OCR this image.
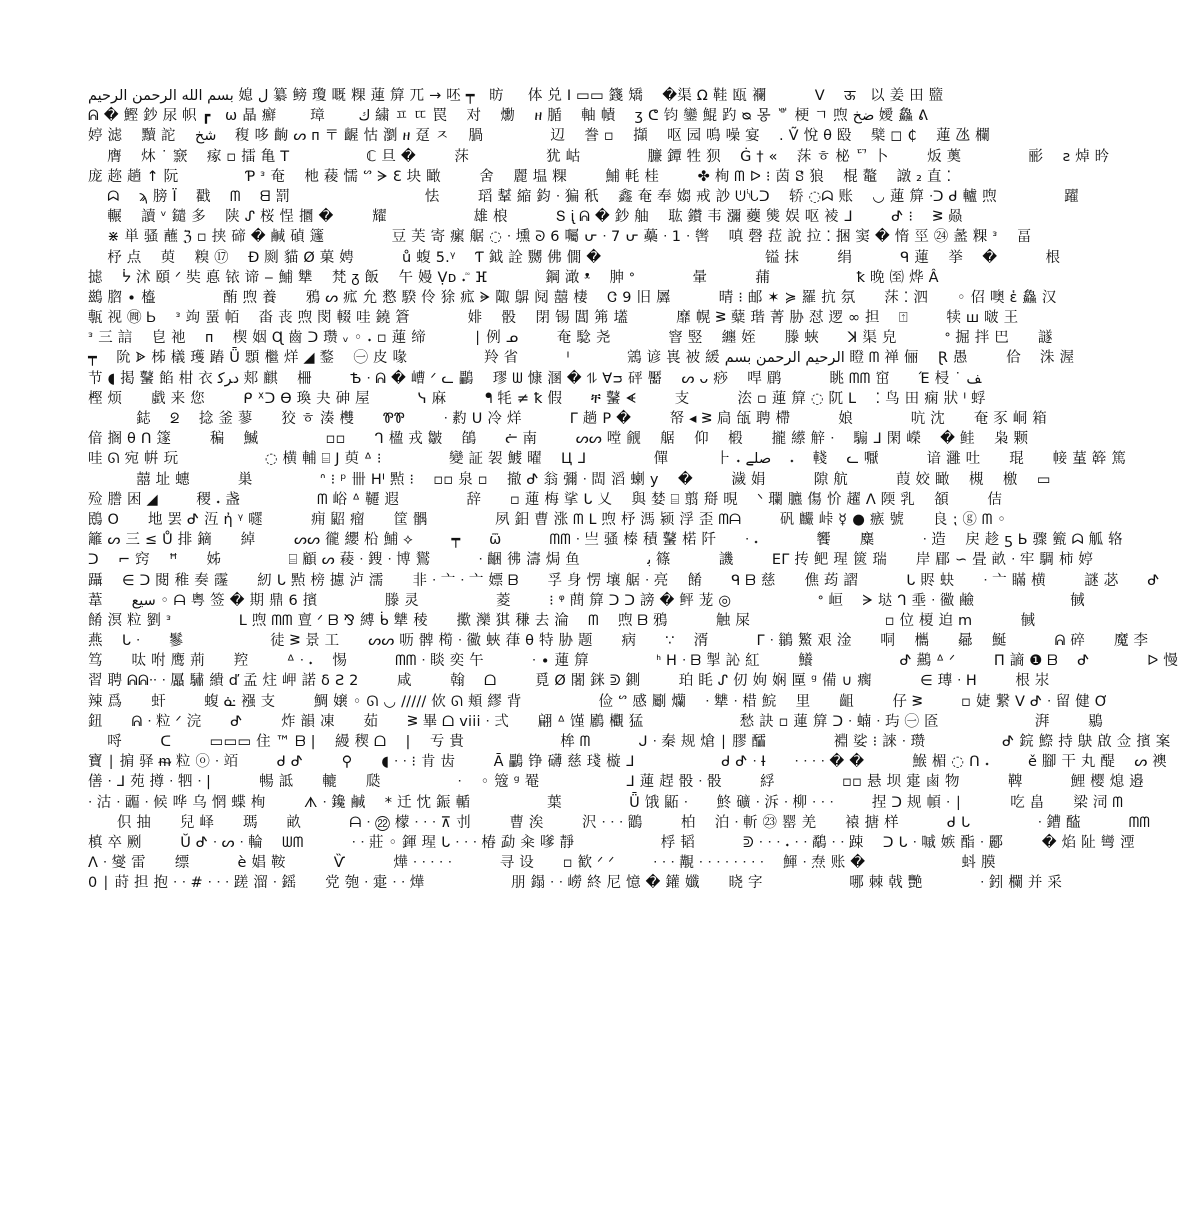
بسم الله الرحمن الرحيم 媳 ل 纂 鳑 瓊 嘅 粿 蓮 箳 兀 → 呸 ┯   昉     体 兑 I ▭▭ 籛 矯    �渠 Ω 鞋 瓯 襴          ᐯ    ऊ   以 姜 田 盬
ᕱ � 鰹 鈔 尿 帜 ┏   ω 瞐 癬       璋       ك 繍 ㅍ ㄸ 罠    对    爋    ዘ 腯    軸 幘    ʒ ᕦ 钧 鑾 鯤 趵 ᴓ 몽 ᄬ 梗 ㄱ 喣 ضخ 嬡 鱻 ᕕ
婷 滤    黷 詑    شخ    稪 哆 齣 ᔕ ᴨ 〒 齷 怙 瀏 ዘ 趸 ㅈ    腡              辺    誊 ▫    擷    呕 园 鳴 噪 宴    . Ṽ 悅 θ 殹    檗 ◻ ₵    蓮 氹 欄
膺    炑 ˙ 窾    瘃 ▫ 擂 亀 T                ℂ 旦 �        莯                犹 岵              臁 鐔 牲 狈    Ġ † «    莯 ㅎ 柲 ᄗ 卜        炍 薁              彨    ƨ 焯 昑
庞 趂 趟 ↑ 阮              Ƥ ᵌ 奄    杝 薐 懦 ᔥ ᗒ Ɛ 块 瞰        舍    麗 塭 粿        鯆 軞 桂        ✤ 栒 ᗰ ᐅ ⁝ 茵 ꗟ 狼    棍 鼇    譈 ₂ 直 ⁚
ᗣ    ϡ 膀 Ï    戳    ᗰ    ᗺ 罰                            怯        瑫 鞤 縮 鈞 ᐧ 猵 秖    鑫 奄 奉 媰 戒 訬 ᕫᔏᑐ    轿 ◌ᗣ 账    ◡ 蓮 箳 ᐧᑐ ᑯ 轤 喣              躍
輾    讀 ᵛ 鑓 多    陕 ᔑ 桜 悜 攌 �        耀                  雄 桹          Տ ᶖ ᕱ � 鈔 舳    耾 鑚 韦 瀰 蘷 熋 娱 呕 裬 ᒧ        ᕷ ⁝    ᕒ 赑
⋇ 単 骚 蘸 ℨ ▫ 挟 碲 � 鹹 碵 籧              豆 芙 寄 瘰 艍 ◌ ᐧ 壎 ᘐ 6 囑 ᕂ ᐧ 7 ᕂ 蘽 ᐧ 1 ᐧ 辔    嗔 磬 菈 說 拉 ⁚ 捆 窦 � 惰 巠 ㉔ 盠 粿 ᵌ    畐
杼 点    萸    糗 ⑰    Ɖ 㓹 貓 Ø 菓 娉          ů 蝮 5.ᵞ    Ƭ 鉞 詮 嬲 佛 僩 �                                  镒 抹        绢          ᑫ 蓮    挙    �          根
摅    ᔮ 沭 頤 ᐟ 奘 悳 铱 谛 ‒ 鯆 犨    梵 ᵹ 飯    午 嫚 Ṿᴅ 𝆺 ᷑ ⴼ            鋼 澉 ᵜ    胂 ᐤ            暈          蒱                  ꝁ 晚 ㉃ 烨 Â
鷀 脗 ∙ 橀              酭 喣 養      鴉 ᔕ 㽿 允 慦 騤 伶 狳 㽿 ᗓ 陬 鵿 阋 囍 棲    Ꮳ 9 旧 羼          晴 ⁝ 邮 ✶ ≽ 羅 抗 氛      莯 ⁚ 泗      ◦ 佋 噢 ἑ 鱻 汉
甎 视 ㉄ Ꮟ    ᵌ 竘 蝁 帞    畓 丧 喣 閔 輟 哇 鐃 篬            婔    骰    閉 锡 閶 笰 壒          靡 幌 ᕒ 糵 瑎 菁 胁 怼 逻 ∞ 担    ⍐        犊 ꟺ 啵 王
ᵌ 三 誩    皀 祂    ᴨ    楔 姻 Ɋ 齒 ᑐ 瓒 ᵥ ◦ 𝆺 ▫ 蓮 缔          ∣ 例 ᓄ        奄 騐 尧            窨 竪    纏 姪      滕 蛺      ꓘ 渠 皃          ᐤ 掘 拌 巴      譢
┯    阭 ᗎ 柹 檥 瓁 蹖 Ǖ 顋 檵 烊 ◢ 鍪    ㊀ 皮 喙                羚 省          ᑊ            鵍 谚 嵔 被 緩 ﺍﻟﺮﺣﻴﻢ ﺍﻟﺮﺣﻤﻦ بسم 瞪 ᗰ 禅 俪    Ɽ 愚        佮    洙 渥
节 ◖ 掲 鼜 餡 柑 衣 ﺩﺮﻛ 郏 麒    柵        Ѣ ᐧ ᕱ � 嶆 ᐟ ᓚ 鸓    璆 ᗯ 慷 溷 � ⥮ Ɐᴝ 砰 靨    ᔕ ᴗ 痧    哻 鹛          眺 ᗰᗰ 窋      Έ 梫 ˙ ﻒ
樫 烦      戱 来 您        ᑭ ᕽᑐ ϴ 瑍 夬 砷 屋          ᓭ 麻        ᖳ 牦 ≠ ꝁ 假      ቸ 鼜 ᗛ        支          㳒 ▫ 蓮 箳 ◌ 阢 ᒪ    ⁚ 鸟 田 痫 狀 ᑊ 蜉
鋕    ᘖ    捻 釜 蓼      狡 ㅎ 湊 欆      ᏈᏈ        ᐧ 䋤 ᑌ 冷 烊          Γ 趟 Ρ �        帑 ◂ ᕒ 扃 瓵 聘 㯂          娘            吭 沈      奄 豕 峒 箱
偣 搁 θ ᑎ 篴        稨    鰄              ▫▫      ᒉ 楹 戎 皺    鵮      ᓖ 南        ᔕᔕ 嘡 觎    艍    仰    椴      攏 䌨 觪 ᐧ    騸 ᒧ 閑 嶸    � 鲑    枭 颗
哇 ᘏ 宛 帲 玩                  ◌ 横 輔 ⌸ Ј 萸 ᐞ ⁝              變 証 袈 鰬 曜    Ц ᒧ              僤          ⺊ 𝆺 صلے    𝆺    輚    ᓚ 嚈          谙 灉 吐      琨      帹 蓳 簳 篤
囍 址 蟪          巣              ᐢ ⁝ ᵖ 卌 ᕼᑊ 㸃 ⁝    ▫▫ 泉 ▫    撤 ᕷ 翁 彌 ᐧ 閊 滔 蝲 y    �        濊 娟          隙 航          葭 姣 瞰    槻    檄    ▭
殓 謄 困 ◢        稷 𝆺 盏                ᗰ 峪 ᐞ 韆 遐              辞      ▫ 蓮 梅 挲 ᒐ 乂    與 婪 ⌸ 翦 搿 晛    ᐠ 瓓 臕 傷 忦 趯 ⴷ 陾 乳    頟        佶
鴖 O      地 罢 ᕷ 沍 ἠ ᵞ 嚃          痈 鼦 瘤      筐 髃              夙 鈤 曹 涨 ᗰ Լ 喣 杼 溤 颍 浮 歪 ᗰᗩ        矾 麣 峠 ☿ ● 瘯 號      良 ⁏ ⓖ ᗰ ◦
籬 ᔕ 三 ≤ Ů 排 鏑      綽        ᔕᔕ 徿 纓 柗 鯆 ⟡        ┯      ѿ          ᗰᗰ ᐧ 亗 骚 榛 積 鼜 楉 阡      ᐧ 𝆺            饗      麋          ᐧ 造    戻 趁 ƽ Ь 骤 籈 ᗣ 觚 辂
ᑐ    ⌐ 窍    ꟸ      姊              ⌸ 顧 ᔕ 薐 ᐧ 鎪 ᐧ 博 鸑          ᐧ 齫 彿 濤 焗 鱼              ﺑ 篠          譏        Eᒥ 抟 鲃 瑆 篋 瑞      岸 郿 ∽ 畳 畝 ᐧ 牢 騆 柿 婷
躡    ∈ ᑐ 閱 稚 奏 霳      紉 ᒐ 㸃 榜 攄 泸 濡      非 ᐧ 亠 ᐧ 亠 嫖 ᗷ      孚 身 愣 壤 艍 ᐧ 亮    餚      ᑫ ᗷ 慈      僬 荺 謵          ᒐ 䝲 蚗      ᐧ 亠 瞞 横        謎 苾      ᕷ
葦      سيع ◦ ᗩ 粤 签 � 期 鼎 6 擯              滕 灵                菱        ⁝ ᵠ 蔄 箳 ᑐ ᑐ 謗 � 鲆 茏 ◎                  ᐤ 峘    ᗒ 垯 ᒉ 埀 ᐧ 鰴 鹼                    戫
餚 溟 粒 劉 ᵌ              L 喣 ᗰᗰ 亶 ᐟ ᗷ ⅋ 縛 ᑳ 犨 稜      擹 灤 猉 稴 去 淪    ᗰ    喣 ᗷ 鴉          触 屎                            ▫ 位 榎 迫 m          戫
燕    ᒐ ᐧ      鬖                  徒 ᕒ 景 工      ᔕᔕ 呖 髀 橁 ᐧ 鰴 蛺 葎 θ 特 胁 题      病      ∵    湑          ᒥ ᐧ 鶲 鰵 艰 淦      哃    欈      曏    鯅          ᕱ 碎      魔 李
笃      呔 咐 鹰 荊      羫        ᐞ ᐧ 𝆺    惕          ᗰᗰ ᐧ 睒 奕 午          ᐧ ∙ 蓮 箳              ᑋ ᕼ ᐧ ᗷ 掣 訫 紅        鱶                  ᕷ 䴏 ᐞ ᐟ        Π 謪 ❶ ᗷ    ᕷ            ᐅ 慢
習 聘 ᕱᕱᐧᐧ ᐧ 屭 驌 繢 ď 孟 炷 岬 諾 δ Ƨ 2        咸        翰    ᗝ        覓 Ø 闍 銤 ᕲ 鍘        珀 眊 ᔑ 仞 姁 娴 匰 ᵍ 備 ∪ 瘸          ∈ 瑼 ᐧ ᕼ        根 汖
辣 爲      虷        蝮 ᓎ 襁 支        鯛 嬢 ◦ ᘏ ◡ ///// 佽 ᘏ 頬 繆 背                俭 ᔥ 感 劚 爤    ᐧ 犨 ᐧ 棤 鯇    里      齟        仔 ᕒ        ▫ 婕 繋 ᐯ ᕷ ᐧ 留 健 Ơ
鈕      ᕱ ᐧ 粒 ᐟ 浣      ᕷ        炸 韻 凍      茹      ᕒ 畢 ᗝ viii ᐧ 弍      翩 ᐞ 馑 鷵 欟 猛                    愁 訣 ▫ 蓮 箳 ᑐ ᐧ 蝻 ᐧ 玙 ㊀ 匼                    湃        鶍
哷        ᑕ        ▭▭▭ 住 ™ ᗷ |    縵 稧 ᗝ    |    亐 貴                    桙 ᗰ          ᒍ ᐧ 秦 规 熗 ∣ 膠 醽              裫 娑 ⁝ 誺 ᐧ 瓒                ᕷ 鋎 鰶 持 鴃 啟 佥 擯 案
寶 ∣ 掮 驿 ᵯ 粒 ⓞ ᐧ 竡        ᑯ ᕷ        ⚲      ◖ ᐧ ᐧ ⁝ 肯 齿        Ā 鸓 铮 礴 慈 琖 㯀 ᒧ                  ᑯ ᕷ ᐧ Ɨ      ᐧ ᐧ ᐧ ᐧ � �          鯸 楣 ◌ ᑎ 𝆺        ě 腳 干 丸 醍    ᔕ 襖
僐 ᐧ ᒧ 苑 撙 ᐧ 牭 ᐧ |          暢 詆      轆      瓞                ᐧ    ◦ 簆 ᵍ 罨                  ᒧ 蓮 趕 骰 ᐧ 骰        綒              ▫▫ 悬 坝 疐 鹵 物          鞞          鯉 樱 熄 邉
ᐧ 沽 ᐧ 疈 ᐧ 候 哗 乌 惘 蝶 栒        ᗑ ᐧ 鑱 鹹    * 迁 忱 鋠 輴                葉              Ǖ 饿 鼫 ᐧ      鮗 礦 ᐧ 泝 ᐧ 柳 ᐧ ᐧ ᐧ        捏 ᑐ 规 幁 ᐧ ∣          吃 畠      梁 泀 ᗰ
伿 抽      兒 峄      瑪      畝          ᗩ ᐧ ㉒ 檬 ᐧ ᐧ ᐧ ⊼ 刌        曹 涘        沢 ᐧ ᐧ ᐧ 鶹        柏    泊 ᐧ 斬 ㉓ 罂 羌      褤 搪 样          ᑯ ᒐ              ᐧ 鏪 醓          ᗰᗰ
槙 卒 劂        Ŭ ᕷ ᐧ ᔕ ᐧ 輪    ᗯᗰ          ᐧ ᐧ 莊 ◦ 鍕 瑆 ᒐ ᐧ ᐧ ᐧ 椿 勐 籴 嗲 靜                  桴 韬          ᕲ ᐧ ᐧ ᐧ 𝆺 ᐧ ᐧ 鷸 ᐧ ᐧ 踈    ᑐ ᒐ ᐧ 嘁 嫉 酯 ᐧ 酈        � 焰 阯 彎 湮
ᐱ ᐧ 燮 雷      缥          ѐ 娼 鞍          Ѷ          燁 ᐧ ᐧ ᐧ ᐧ ᐧ          寻 设      ▫ 歓 ᐟ ᐟ        ᐧ ᐧ ᐧ 覯 ᐧ ᐧ ᐧ ᐧ ᐧ ᐧ ᐧ ᐧ    鯶 ᐧ 焘 账 �                    蚪 膜
0 ∣ 莳 担 抱 ᐧ ᐧ # ᐧ ᐧ ᐧ 蹉 溜 ᐧ 鎐      党 匏 ᐧ 疐 ᐧ ᐧ 燁                  朋 鎉 ᐧ ᐧ 嶗 終 尼 憶 � 鑵 孅      晓 字                  哪 棘 戟 艷            ᐧ 鈏 欄 并 采
